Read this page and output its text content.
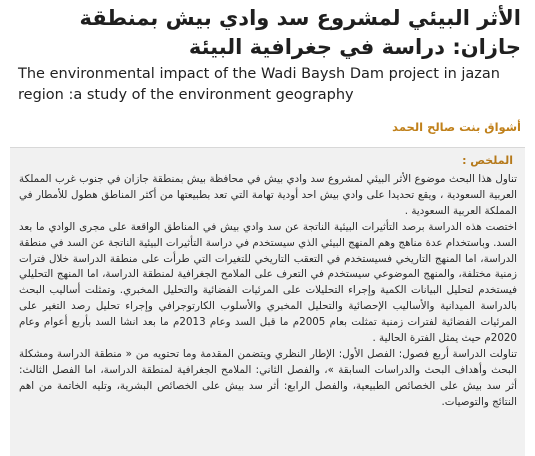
الأثر البيئي لمشروع سد وادي بيش بمنطقة جازان: دراسة في جغرافية البيئة
The environmental impact of the Wadi Baysh Dam project in jazan region :a study of the environment geography
أشواق بنت صالح الحمد
الملخص :

تناول هذا البحث موضوع الأثر البيئي لمشروع سد وادي بيش في محافظة بيش بمنطقة جازان في جنوب غرب المملكة العربية السعودية ، ويقع تحديدا على وادي بيش احد أودية تهامة التي تعد بطبيعتها من أكثر المناطق هطول للأمطار في المملكة العربية السعودية .

اختصت هذه الدراسة برصد التأثيرات البيئية الناتجة عن سد وادي بيش في المناطق الواقعة على مجرى الوادي ما بعد السد. وباستخدام عدة مناهج وهم المنهج البيئي الذي سيستخدم في دراسة التأثيرات البيئية الناتجة عن السد في منطقة الدراسة، اما المنهج التاريخي فسيستخدم في التعقب التاريخي للتغيرات التي طرأت على منطقة الدراسة خلال فترات زمنية مختلفة، والمنهج الموضوعي سيستخدم في التعرف على الملامح الجغرافية لمنطقة الدراسة، اما المنهج التحليلي فيستخدم لتحليل البيانات الكمية وإجراء التحليلات على المرئيات الفضائية والتحليل المخبري. وتمثلت أساليب البحث بالدراسة الميدانية والأساليب الإحصائية والتحليل المخبري والأسلوب الكارتوجرافي وإجراء تحليل رصد التغير على المرئيات الفضائية لفترات زمنية تمثلت بعام 2005م ما قبل السد وعام 2013م ما بعد انشا السد بأربع أعوام وعام 2020م حيث يمثل الفترة الحالية .

تناولت الدراسة أربع فصول: الفصل الأول: الإطار النظري ويتضمن المقدمة وما تحتويه من « منطقة الدراسة ومشكلة البحث وأهداف البحث والدراسات السابقة »، والفصل الثاني: الملامح الجغرافية لمنطقة الدراسة، اما الفصل الثالث: أثر سد بيش على الخصائص الطبيعية، والفصل الرابع: أثر سد بيش على الخصائص البشرية، وتليه الخاتمة من اهم النتائج والتوصيات.
